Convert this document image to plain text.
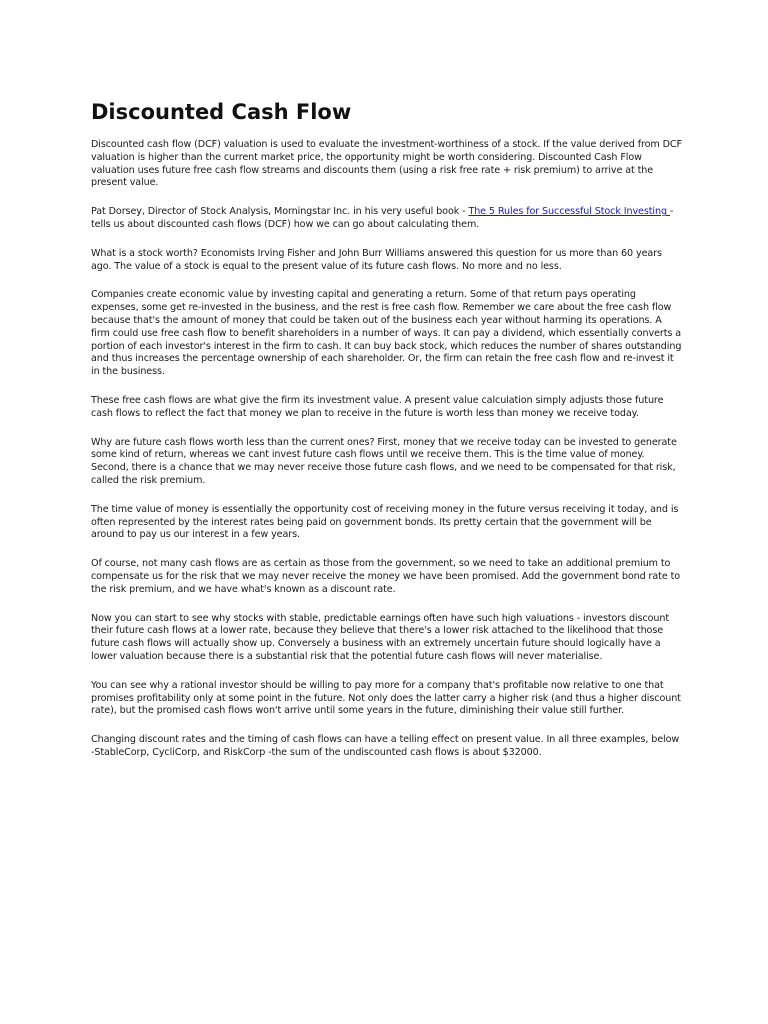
Discounted Cash Flow

Discounted cash flow (DCF) valuation is used to evaluate the investment-worthiness of a stock. If the value derived from DCF valuation is higher than the current market price, the opportunity might be worth considering. Discounted Cash Flow valuation uses future free cash flow streams and discounts them (using a risk free rate + risk premium) to arrive at the present value.

Pat Dorsey, Director of Stock Analysis, Morningstar Inc. in his very useful book - The 5 Rules for Successful Stock Investing - tells us about discounted cash flows (DCF) how we can go about calculating them.

What is a stock worth? Economists Irving Fisher and John Burr Williams answered this question for us more than 60 years ago. The value of a stock is equal to the present value of its future cash flows. No more and no less.

Companies create economic value by investing capital and generating a return. Some of that return pays operating expenses, some get re-invested in the business, and the rest is free cash flow. Remember we care about the free cash flow because that's the amount of money that could be taken out of the business each year without harming its operations. A firm could use free cash flow to benefit shareholders in a number of ways. It can pay a dividend, which essentially converts a portion of each investor's interest in the firm to cash. It can buy back stock, which reduces the number of shares outstanding and thus increases the percentage ownership of each shareholder. Or, the firm can retain the free cash flow and re-invest it in the business.

These free cash flows are what give the firm its investment value. A present value calculation simply adjusts those future cash flows to reflect the fact that money we plan to receive in the future is worth less than money we receive today.

Why are future cash flows worth less than the current ones? First, money that we receive today can be invested to generate some kind of return, whereas we cant invest future cash flows until we receive them. This is the time value of money. Second, there is a chance that we may never receive those future cash flows, and we need to be compensated for that risk, called the risk premium.

The time value of money is essentially the opportunity cost of receiving money in the future versus receiving it today, and is often represented by the interest rates being paid on government bonds. Its pretty certain that the government will be around to pay us our interest in a few years.

Of course, not many cash flows are as certain as those from the government, so we need to take an additional premium to compensate us for the risk that we may never receive the money we have been promised. Add the government bond rate to the risk premium, and we have what's known as a discount rate.

Now you can start to see why stocks with stable, predictable earnings often have such high valuations - investors discount their future cash flows at a lower rate, because they believe that there's a lower risk attached to the likelihood that those future cash flows will actually show up. Conversely a business with an extremely uncertain future should logically have a lower valuation because there is a substantial risk that the potential future cash flows will never materialise.

You can see why a rational investor should be willing to pay more for a company that's profitable now relative to one that promises profitability only at some point in the future. Not only does the latter carry a higher risk (and thus a higher discount rate), but the promised cash flows won't arrive until some years in the future, diminishing their value still further.

Changing discount rates and the timing of cash flows can have a telling effect on present value. In all three examples, below -StableCorp, CycliCorp, and RiskCorp -the sum of the undiscounted cash flows is about $32000.
